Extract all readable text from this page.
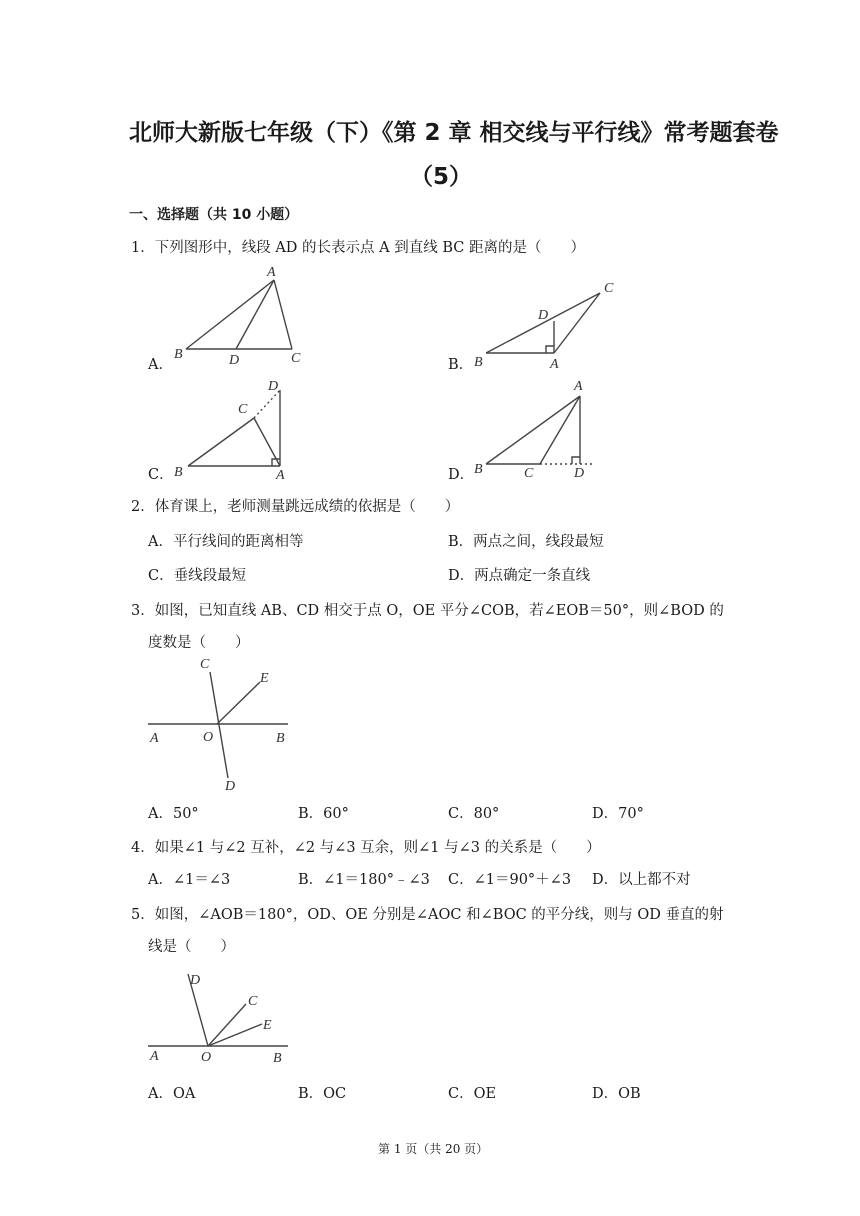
北师大新版七年级（下）《第 2 章 相交线与平行线》常考题套卷
（5）
一、选择题（共 10 小题）
1．下列图形中，线段 AD 的长表示点 A 到直线 BC 距离的是（　　）
A．	B．
C．	D．
A
B	D	C
C
D
B	A
D
C
B	A
A
B	C	D
2．体育课上，老师测量跳远成绩的依据是（　　）
A．平行线间的距离相等	B．两点之间，线段最短
C．垂线段最短	D．两点确定一条直线
3．如图，已知直线 AB、CD 相交于点 O，OE 平分∠COB，若∠EOB＝50°，则∠BOD 的
度数是（　　）
C
E
A	O	B
D
A．50°	B．60°	C．80°	D．70°
4．如果∠1 与∠2 互补，∠2 与∠3 互余，则∠1 与∠3 的关系是（　　）
A．∠1＝∠3	B．∠1＝180°﹣∠3 C．∠1＝90°＋∠3 D．以上都不对
5．如图，∠AOB＝180°，OD、OE 分别是∠AOC 和∠BOC 的平分线，则与 OD 垂直的射
线是（　　）
D
C
E
A	O	B
A．OA	B．OC	C．OE	D．OB
第 1 页（共 20 页）
